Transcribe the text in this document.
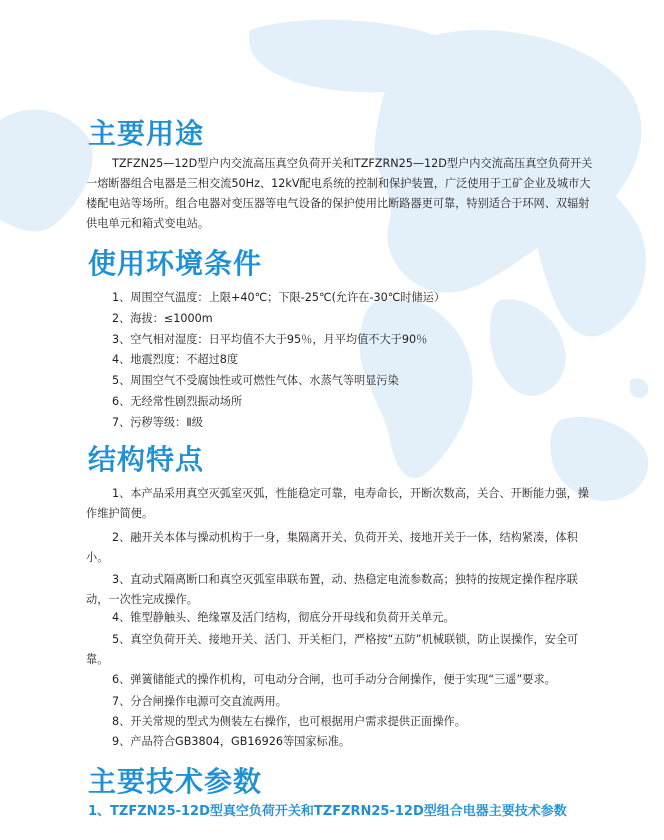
主要用途

TZFZN25—12D型户内交流高压真空负荷开关和TZFZRN25—12D型户内交流高压真空负荷开关一熔断器组合电器是三相交流50Hz、12kV配电系统的控制和保护装置，广泛使用于工矿企业及城市大楼配电站等场所。组合电器对变压器等电气设备的保护使用比断路器更可靠，特别适合于环网、双辐射供电单元和箱式变电站。

使用环境条件
1、周围空气温度：上限+40℃；下限-25℃(允许在-30℃时储运）
2、海拔：≤1000m
3、空气相对湿度：日平均值不大于95％，月平均值不大于90％
4、地震烈度：不超过8度
5、周围空气不受腐蚀性或可燃性气体、水蒸气等明显污染
6、无经常性剧烈振动场所
7、污秽等级：Ⅱ级
结构特点

1、本产品采用真空灭弧室灭弧，性能稳定可靠，电寿命长，开断次数高，关合、开断能力强，操作维护简便。

2、融开关本体与操动机构于一身，集隔离开关、负荷开关、接地开关于一体，结构紧凑，体积小。

3、直动式隔离断口和真空灭弧室串联布置，动、热稳定电流参数高；独特的按规定操作程序联动，一次性完成操作。

4、锥型静触头、绝缘罩及活门结构，彻底分开母线和负荷开关单元。

5、真空负荷开关、接地开关、活门、开关柜门，严格按“五防”机械联锁，防止误操作，安全可靠。

6、弹簧储能式的操作机构，可电动分合闸，也可手动分合闸操作，便于实现“三遥”要求。

7、分合闸操作电源可交直流两用。

8、开关常规的型式为侧装左右操作，也可根据用户需求提供正面操作。

9、产品符合GB3804，GB16926等国家标准。

主要技术参数
1、TZFZN25-12D型真空负荷开关和TZFZRN25-12D型组合电器主要技术参数
